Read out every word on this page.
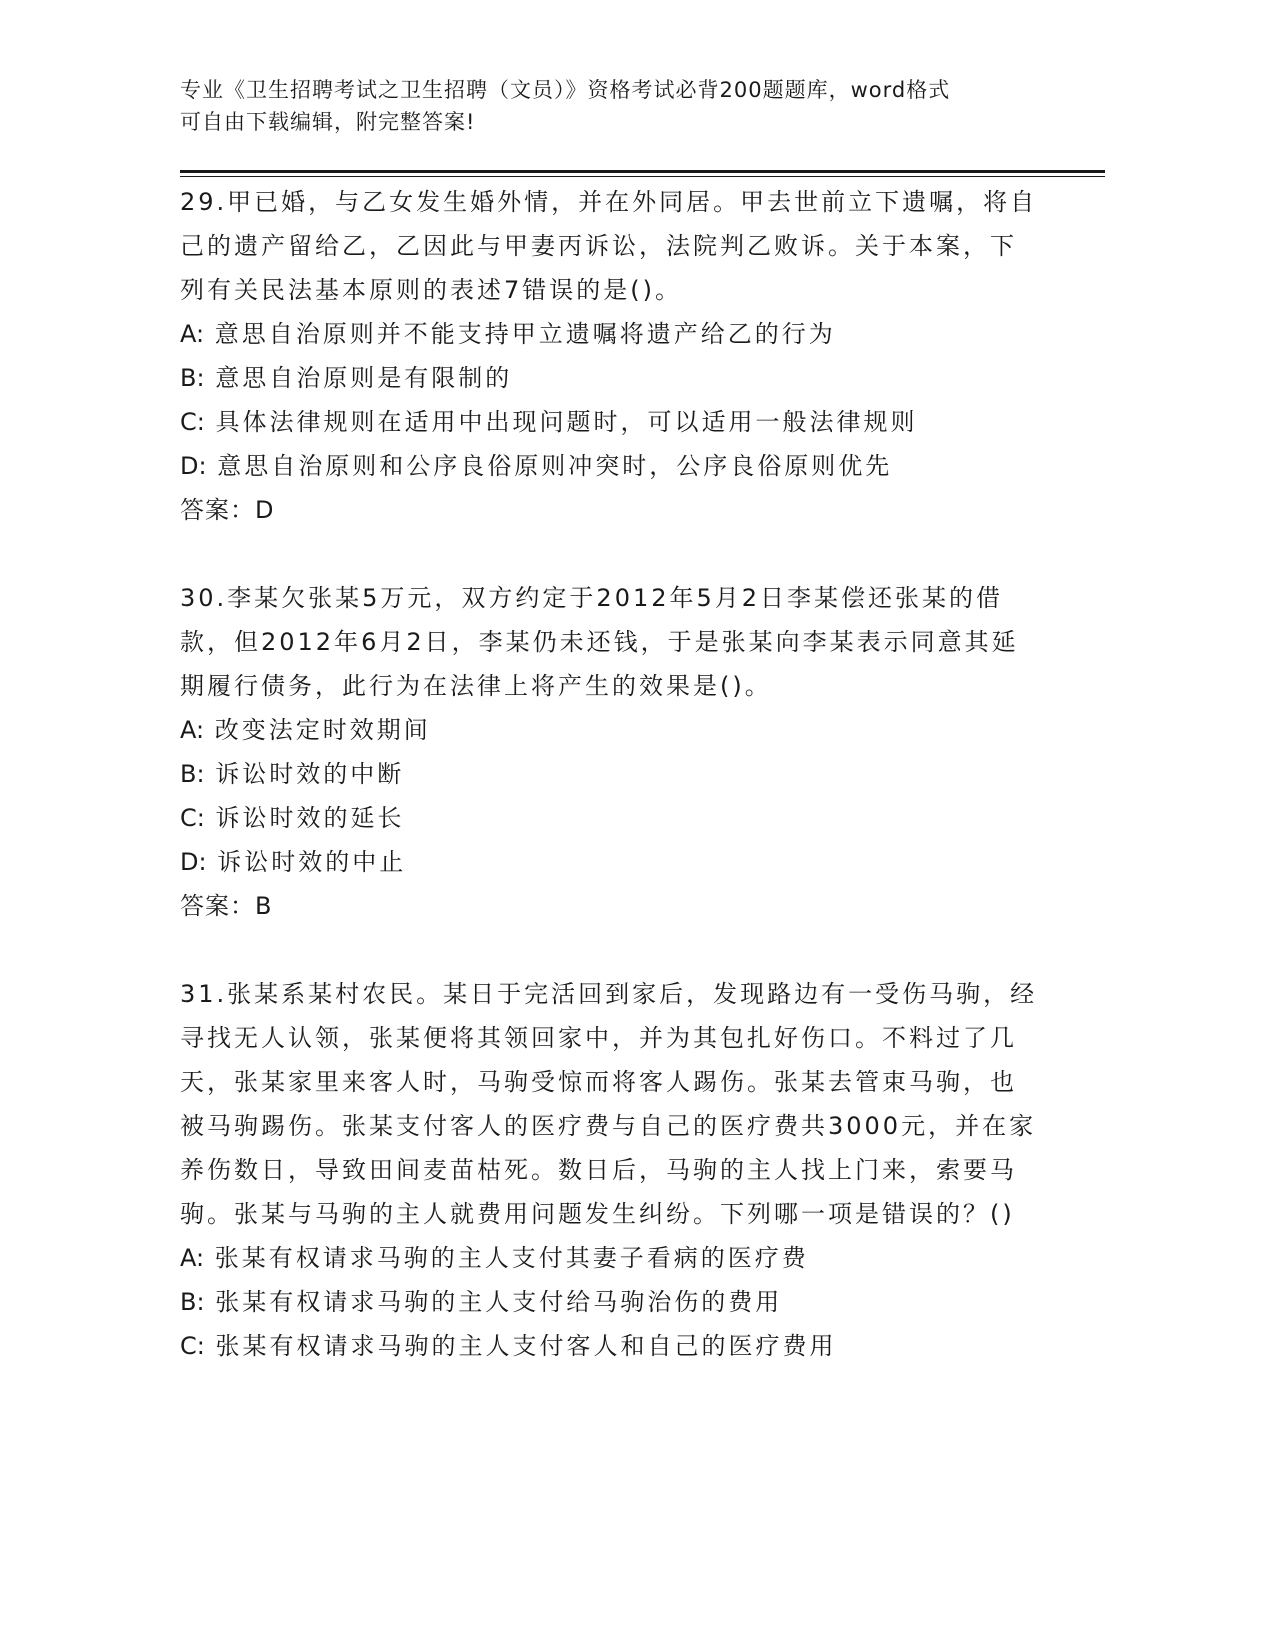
专业《卫生招聘考试之卫生招聘（文员）》资格考试必背200题题库，word格式
可自由下载编辑，附完整答案!

29.甲已婚，与乙女发生婚外情，并在外同居。甲去世前立下遗嘱，将自己的遗产留给乙，乙因此与甲妻丙诉讼，法院判乙败诉。关于本案，下列有关民法基本原则的表述7错误的是()。

A: 意思自治原则并不能支持甲立遗嘱将遗产给乙的行为

B: 意思自治原则是有限制的

C: 具体法律规则在适用中出现问题时，可以适用一般法律规则

D: 意思自治原则和公序良俗原则冲突时，公序良俗原则优先

答案：D

30.李某欠张某5万元，双方约定于2012年5月2日李某偿还张某的借款，但2012年6月2日，李某仍未还钱，于是张某向李某表示同意其延期履行债务，此行为在法律上将产生的效果是()。

A: 改变法定时效期间

B: 诉讼时效的中断

C: 诉讼时效的延长

D: 诉讼时效的中止

答案：B

31.张某系某村农民。某日于完活回到家后，发现路边有一受伤马驹，经寻找无人认领，张某便将其领回家中，并为其包扎好伤口。不料过了几天，张某家里来客人时，马驹受惊而将客人踢伤。张某去管束马驹，也被马驹踢伤。张某支付客人的医疗费与自己的医疗费共3000元，并在家养伤数日，导致田间麦苗枯死。数日后，马驹的主人找上门来，索要马驹。张某与马驹的主人就费用问题发生纠纷。下列哪一项是错误的？()

A: 张某有权请求马驹的主人支付其妻子看病的医疗费

B: 张某有权请求马驹的主人支付给马驹治伤的费用

C: 张某有权请求马驹的主人支付客人和自己的医疗费用
